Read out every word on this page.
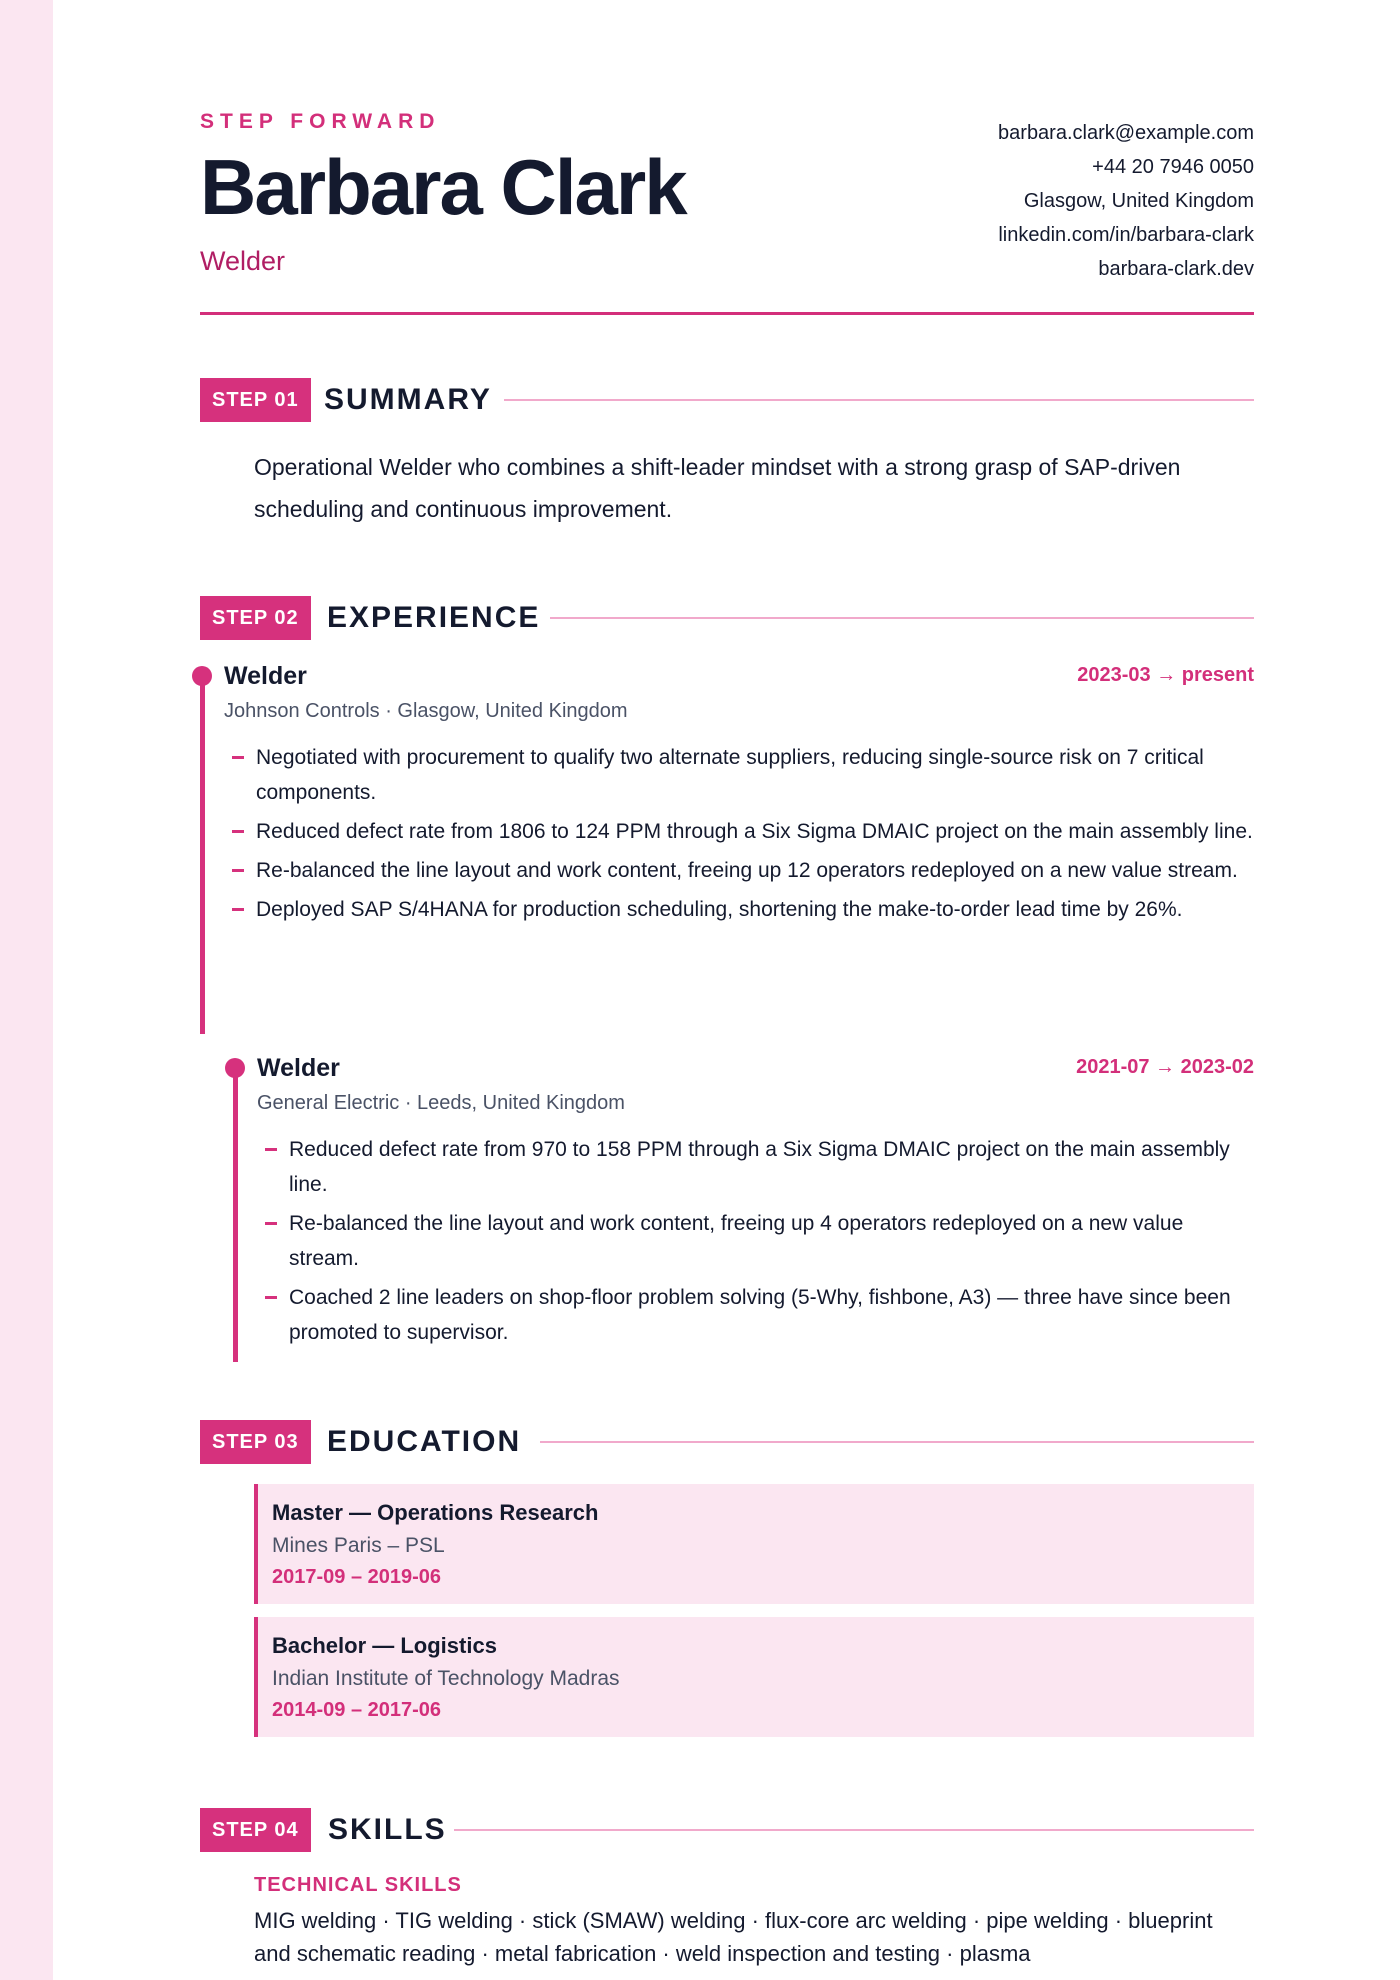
STEP FORWARD
Barbara Clark
Welder
barbara.clark@example.com
+44 20 7946 0050
Glasgow, United Kingdom
linkedin.com/in/barbara-clark
barbara-clark.dev
STEP 01 SUMMARY
Operational Welder who combines a shift-leader mindset with a strong grasp of SAP-driven scheduling and continuous improvement.
STEP 02 EXPERIENCE
Welder	2023-03 → present
Johnson Controls · Glasgow, United Kingdom
Negotiated with procurement to qualify two alternate suppliers, reducing single-source risk on 7 critical components.
Reduced defect rate from 1806 to 124 PPM through a Six Sigma DMAIC project on the main assembly line.
Re-balanced the line layout and work content, freeing up 12 operators redeployed on a new value stream.
Deployed SAP S/4HANA for production scheduling, shortening the make-to-order lead time by 26%.
Welder	2021-07 → 2023-02
General Electric · Leeds, United Kingdom
Reduced defect rate from 970 to 158 PPM through a Six Sigma DMAIC project on the main assembly line.
Re-balanced the line layout and work content, freeing up 4 operators redeployed on a new value stream.
Coached 2 line leaders on shop-floor problem solving (5-Why, fishbone, A3) — three have since been promoted to supervisor.
STEP 03 EDUCATION
Master — Operations Research
Mines Paris – PSL
2017-09 – 2019-06
Bachelor — Logistics
Indian Institute of Technology Madras
2014-09 – 2017-06
STEP 04 SKILLS
TECHNICAL SKILLS
MIG welding · TIG welding · stick (SMAW) welding · flux-core arc welding · pipe welding · blueprint and schematic reading · metal fabrication · weld inspection and testing · plasma
